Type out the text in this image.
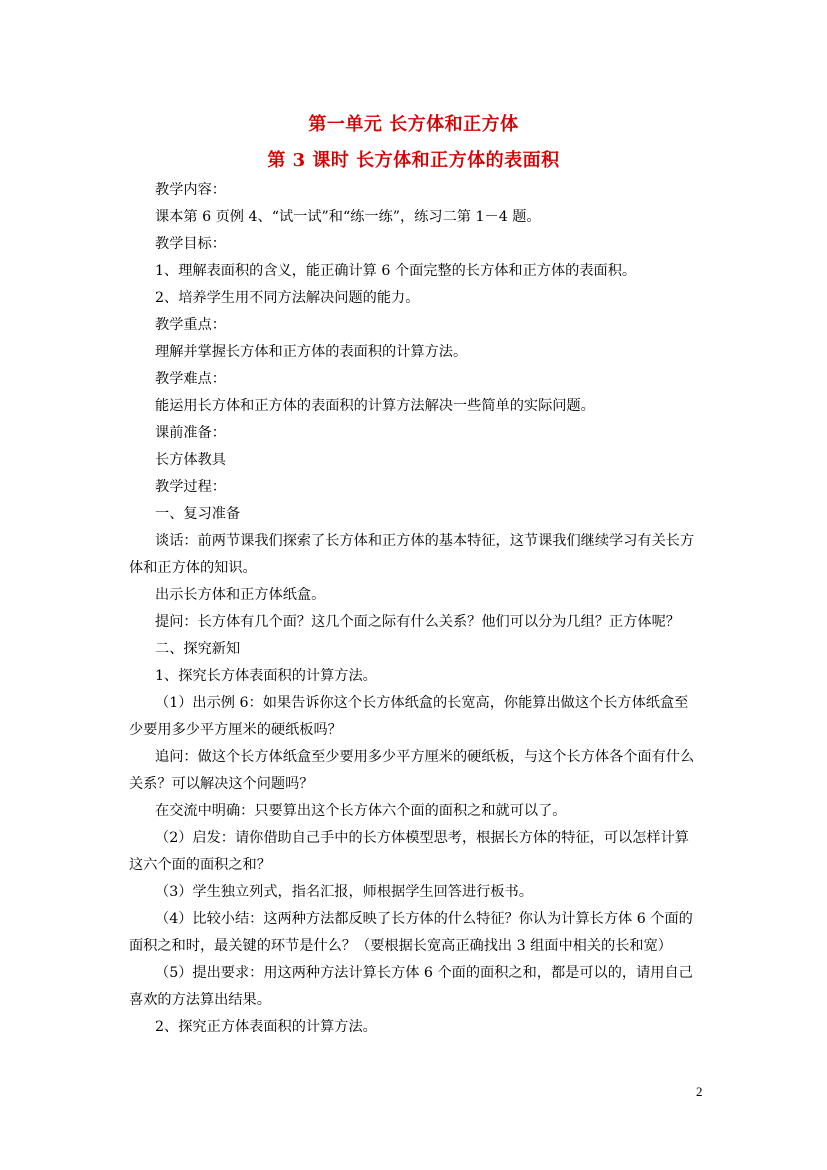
第一单元 长方体和正方体
第 3 课时 长方体和正方体的表面积
教学内容：
课本第 6 页例 4、“试一试”和“练一练”，练习二第 1－4 题。
教学目标：
1、理解表面积的含义，能正确计算 6 个面完整的长方体和正方体的表面积。
2、培养学生用不同方法解决问题的能力。
教学重点：
理解并掌握长方体和正方体的表面积的计算方法。
教学难点：
能运用长方体和正方体的表面积的计算方法解决一些简单的实际问题。
课前准备：
长方体教具
教学过程：
一、复习准备
谈话：前两节课我们探索了长方体和正方体的基本特征，这节课我们继续学习有关长方
体和正方体的知识。
出示长方体和正方体纸盒。
提问：长方体有几个面？这几个面之际有什么关系？他们可以分为几组？正方体呢？
二、探究新知
1、探究长方体表面积的计算方法。
（1）出示例 6：如果告诉你这个长方体纸盒的长宽高，你能算出做这个长方体纸盒至
少要用多少平方厘米的硬纸板吗？
追问：做这个长方体纸盒至少要用多少平方厘米的硬纸板，与这个长方体各个面有什么
关系？可以解决这个问题吗？
在交流中明确：只要算出这个长方体六个面的面积之和就可以了。
（2）启发：请你借助自己手中的长方体模型思考，根据长方体的特征，可以怎样计算
这六个面的面积之和？
（3）学生独立列式，指名汇报，师根据学生回答进行板书。
（4）比较小结：这两种方法都反映了长方体的什么特征？你认为计算长方体 6 个面的
面积之和时，最关键的环节是什么？（要根据长宽高正确找出 3 组面中相关的长和宽）
（5）提出要求：用这两种方法计算长方体 6 个面的面积之和，都是可以的，请用自己
喜欢的方法算出结果。
2、探究正方体表面积的计算方法。
2
